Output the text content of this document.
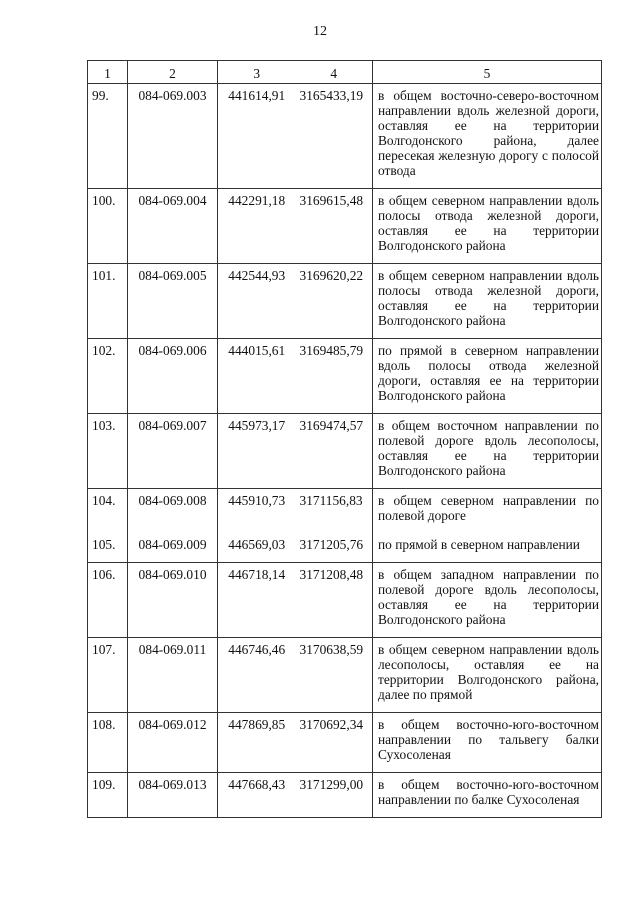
12
1	2	3	4	5
99.	084-069.003	441614,91	3165433,19	в общем восточно-северо-восточном направлении вдоль железной дороги, оставляя ее на территории Волгодонского района, далее пересекая железную дорогу с полосой отвода
100.	084-069.004	442291,18	3169615,48	в общем северном направлении вдоль полосы отвода железной дороги, оставляя ее на территории Волгодонского района
101.	084-069.005	442544,93	3169620,22	в общем северном направлении вдоль полосы отвода железной дороги, оставляя ее на территории Волгодонского района
102.	084-069.006	444015,61	3169485,79	по прямой в северном направлении вдоль полосы отвода железной дороги, оставляя ее на территории Волгодонского района
103.	084-069.007	445973,17	3169474,57	в общем восточном направлении по полевой дороге вдоль лесополосы, оставляя ее на территории Волгодонского района
104.	084-069.008	445910,73	3171156,83	в общем северном направлении по полевой дороге
105.	084-069.009	446569,03	3171205,76	по прямой в северном направлении
106.	084-069.010	446718,14	3171208,48	в общем западном направлении по полевой дороге вдоль лесополосы, оставляя ее на территории Волгодонского района
107.	084-069.011	446746,46	3170638,59	в общем северном направлении вдоль лесополосы, оставляя ее на территории Волгодонского района, далее по прямой
108.	084-069.012	447869,85	3170692,34	в общем восточно-юго-восточном направлении по тальвегу балки Сухосоленая
109.	084-069.013	447668,43	3171299,00	в общем восточно-юго-восточном направлении по балке Сухосоленая
